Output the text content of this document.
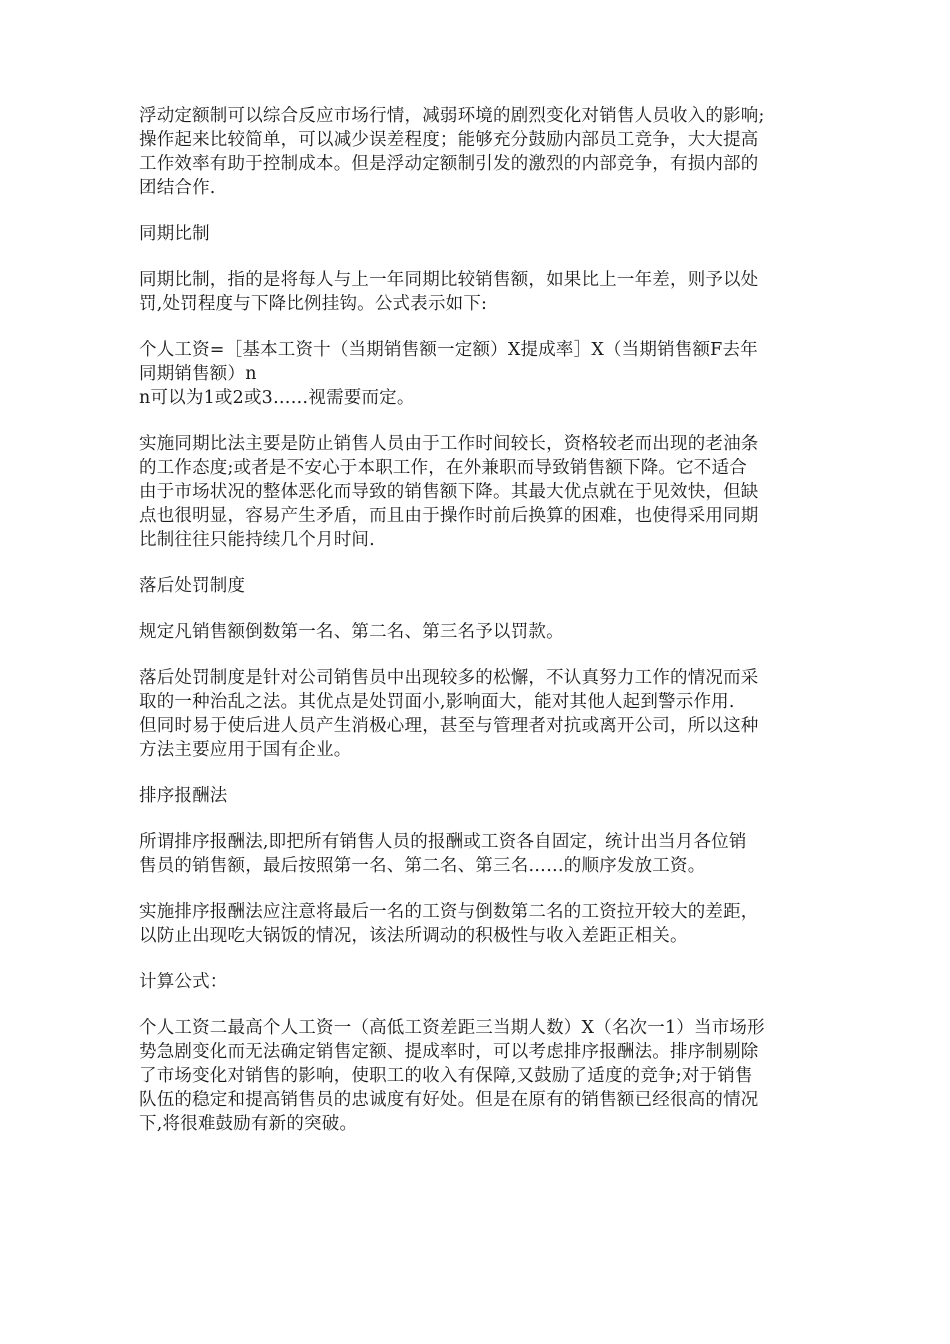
浮动定额制可以综合反应市场行情，减弱环境的剧烈变化对销售人员收入的影响;
操作起来比较简单，可以减少误差程度；能够充分鼓励内部员工竞争，大大提高
工作效率有助于控制成本。但是浮动定额制引发的激烈的内部竞争，有损内部的
团结合作.
同期比制
同期比制，指的是将每人与上一年同期比较销售额，如果比上一年差，则予以处
罚,处罚程度与下降比例挂钩。公式表示如下:
个人工资=［基本工资十（当期销售额一定额）X提成率］X（当期销售额F去年
同期销售额）n
n可以为1或2或3……视需要而定。
实施同期比法主要是防止销售人员由于工作时间较长，资格较老而出现的老油条
的工作态度;或者是不安心于本职工作，在外兼职而导致销售额下降。它不适合
由于市场状况的整体恶化而导致的销售额下降。其最大优点就在于见效快，但缺
点也很明显，容易产生矛盾，而且由于操作时前后换算的困难，也使得采用同期
比制往往只能持续几个月时间.
落后处罚制度
规定凡销售额倒数第一名、第二名、第三名予以罚款。
落后处罚制度是针对公司销售员中出现较多的松懈，不认真努力工作的情况而采
取的一种治乱之法。其优点是处罚面小,影响面大，能对其他人起到警示作用.
但同时易于使后进人员产生消极心理，甚至与管理者对抗或离开公司，所以这种
方法主要应用于国有企业。
排序报酬法
所谓排序报酬法,即把所有销售人员的报酬或工资各自固定，统计出当月各位销
售员的销售额，最后按照第一名、第二名、第三名……的顺序发放工资。
实施排序报酬法应注意将最后一名的工资与倒数第二名的工资拉开较大的差距，
以防止出现吃大锅饭的情况，该法所调动的积极性与收入差距正相关。
计算公式：
个人工资二最高个人工资一（高低工资差距三当期人数）X（名次一1）当市场形
势急剧变化而无法确定销售定额、提成率时，可以考虑排序报酬法。排序制剔除
了市场变化对销售的影响，使职工的收入有保障,又鼓励了适度的竞争;对于销售
队伍的稳定和提高销售员的忠诚度有好处。但是在原有的销售额已经很高的情况
下,将很难鼓励有新的突破。
